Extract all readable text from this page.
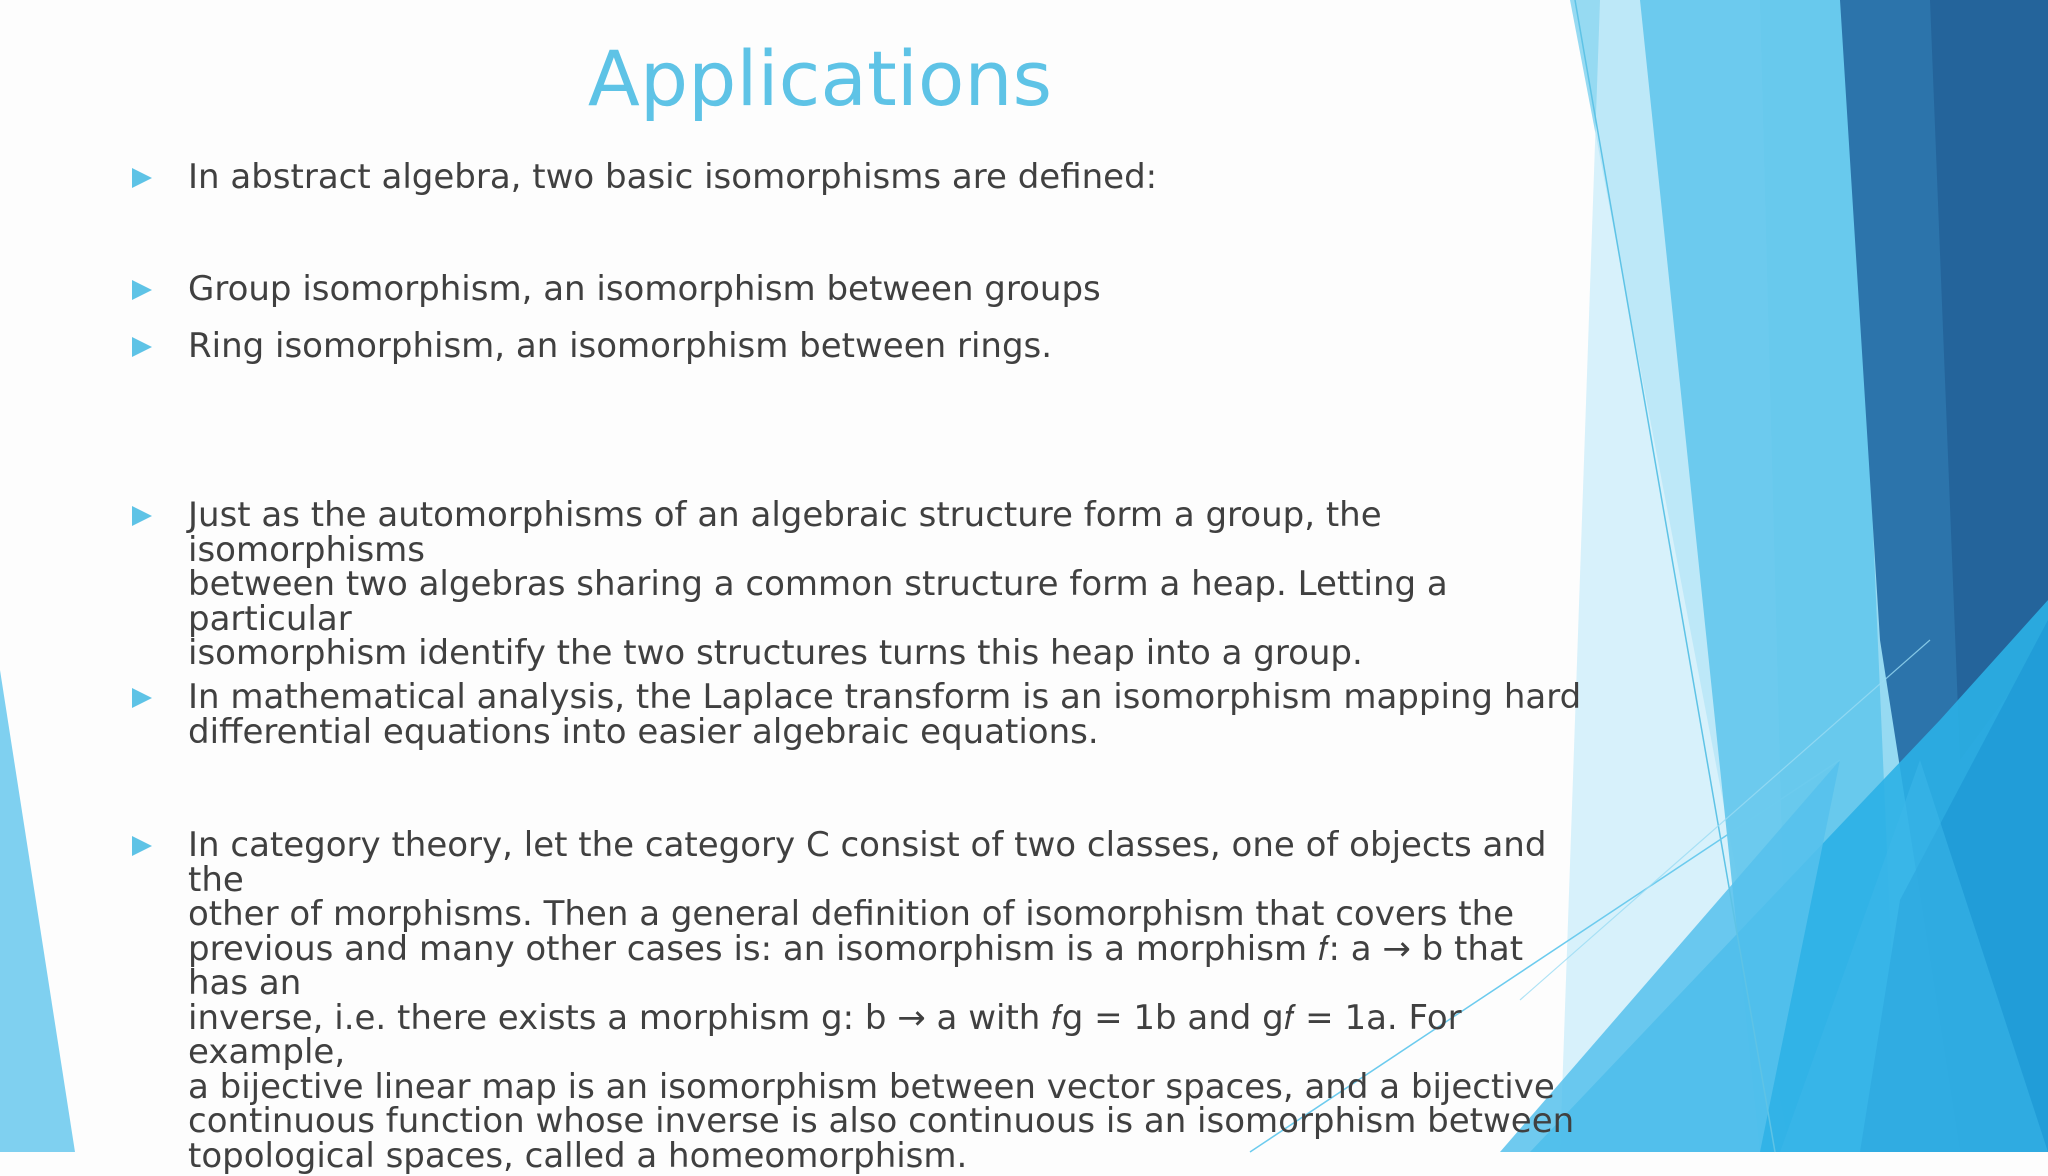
Applications
In abstract algebra, two basic isomorphisms are defined:
Group isomorphism, an isomorphism between groups
Ring isomorphism, an isomorphism between rings.
Just as the automorphisms of an algebraic structure form a group, the isomorphisms
between two algebras sharing a common structure form a heap. Letting a particular
isomorphism identify the two structures turns this heap into a group.
In mathematical analysis, the Laplace transform is an isomorphism mapping hard
differential equations into easier algebraic equations.
In category theory, let the category C consist of two classes, one of objects and the
other of morphisms. Then a general definition of isomorphism that covers the
previous and many other cases is: an isomorphism is a morphism 𝑓: a → b that has an
inverse, i.e. there exists a morphism g: b → a with 𝑓g = 1b and g𝑓 = 1a. For example,
a bijective linear map is an isomorphism between vector spaces, and a bijective
continuous function whose inverse is also continuous is an isomorphism between
topological spaces, called a homeomorphism.
